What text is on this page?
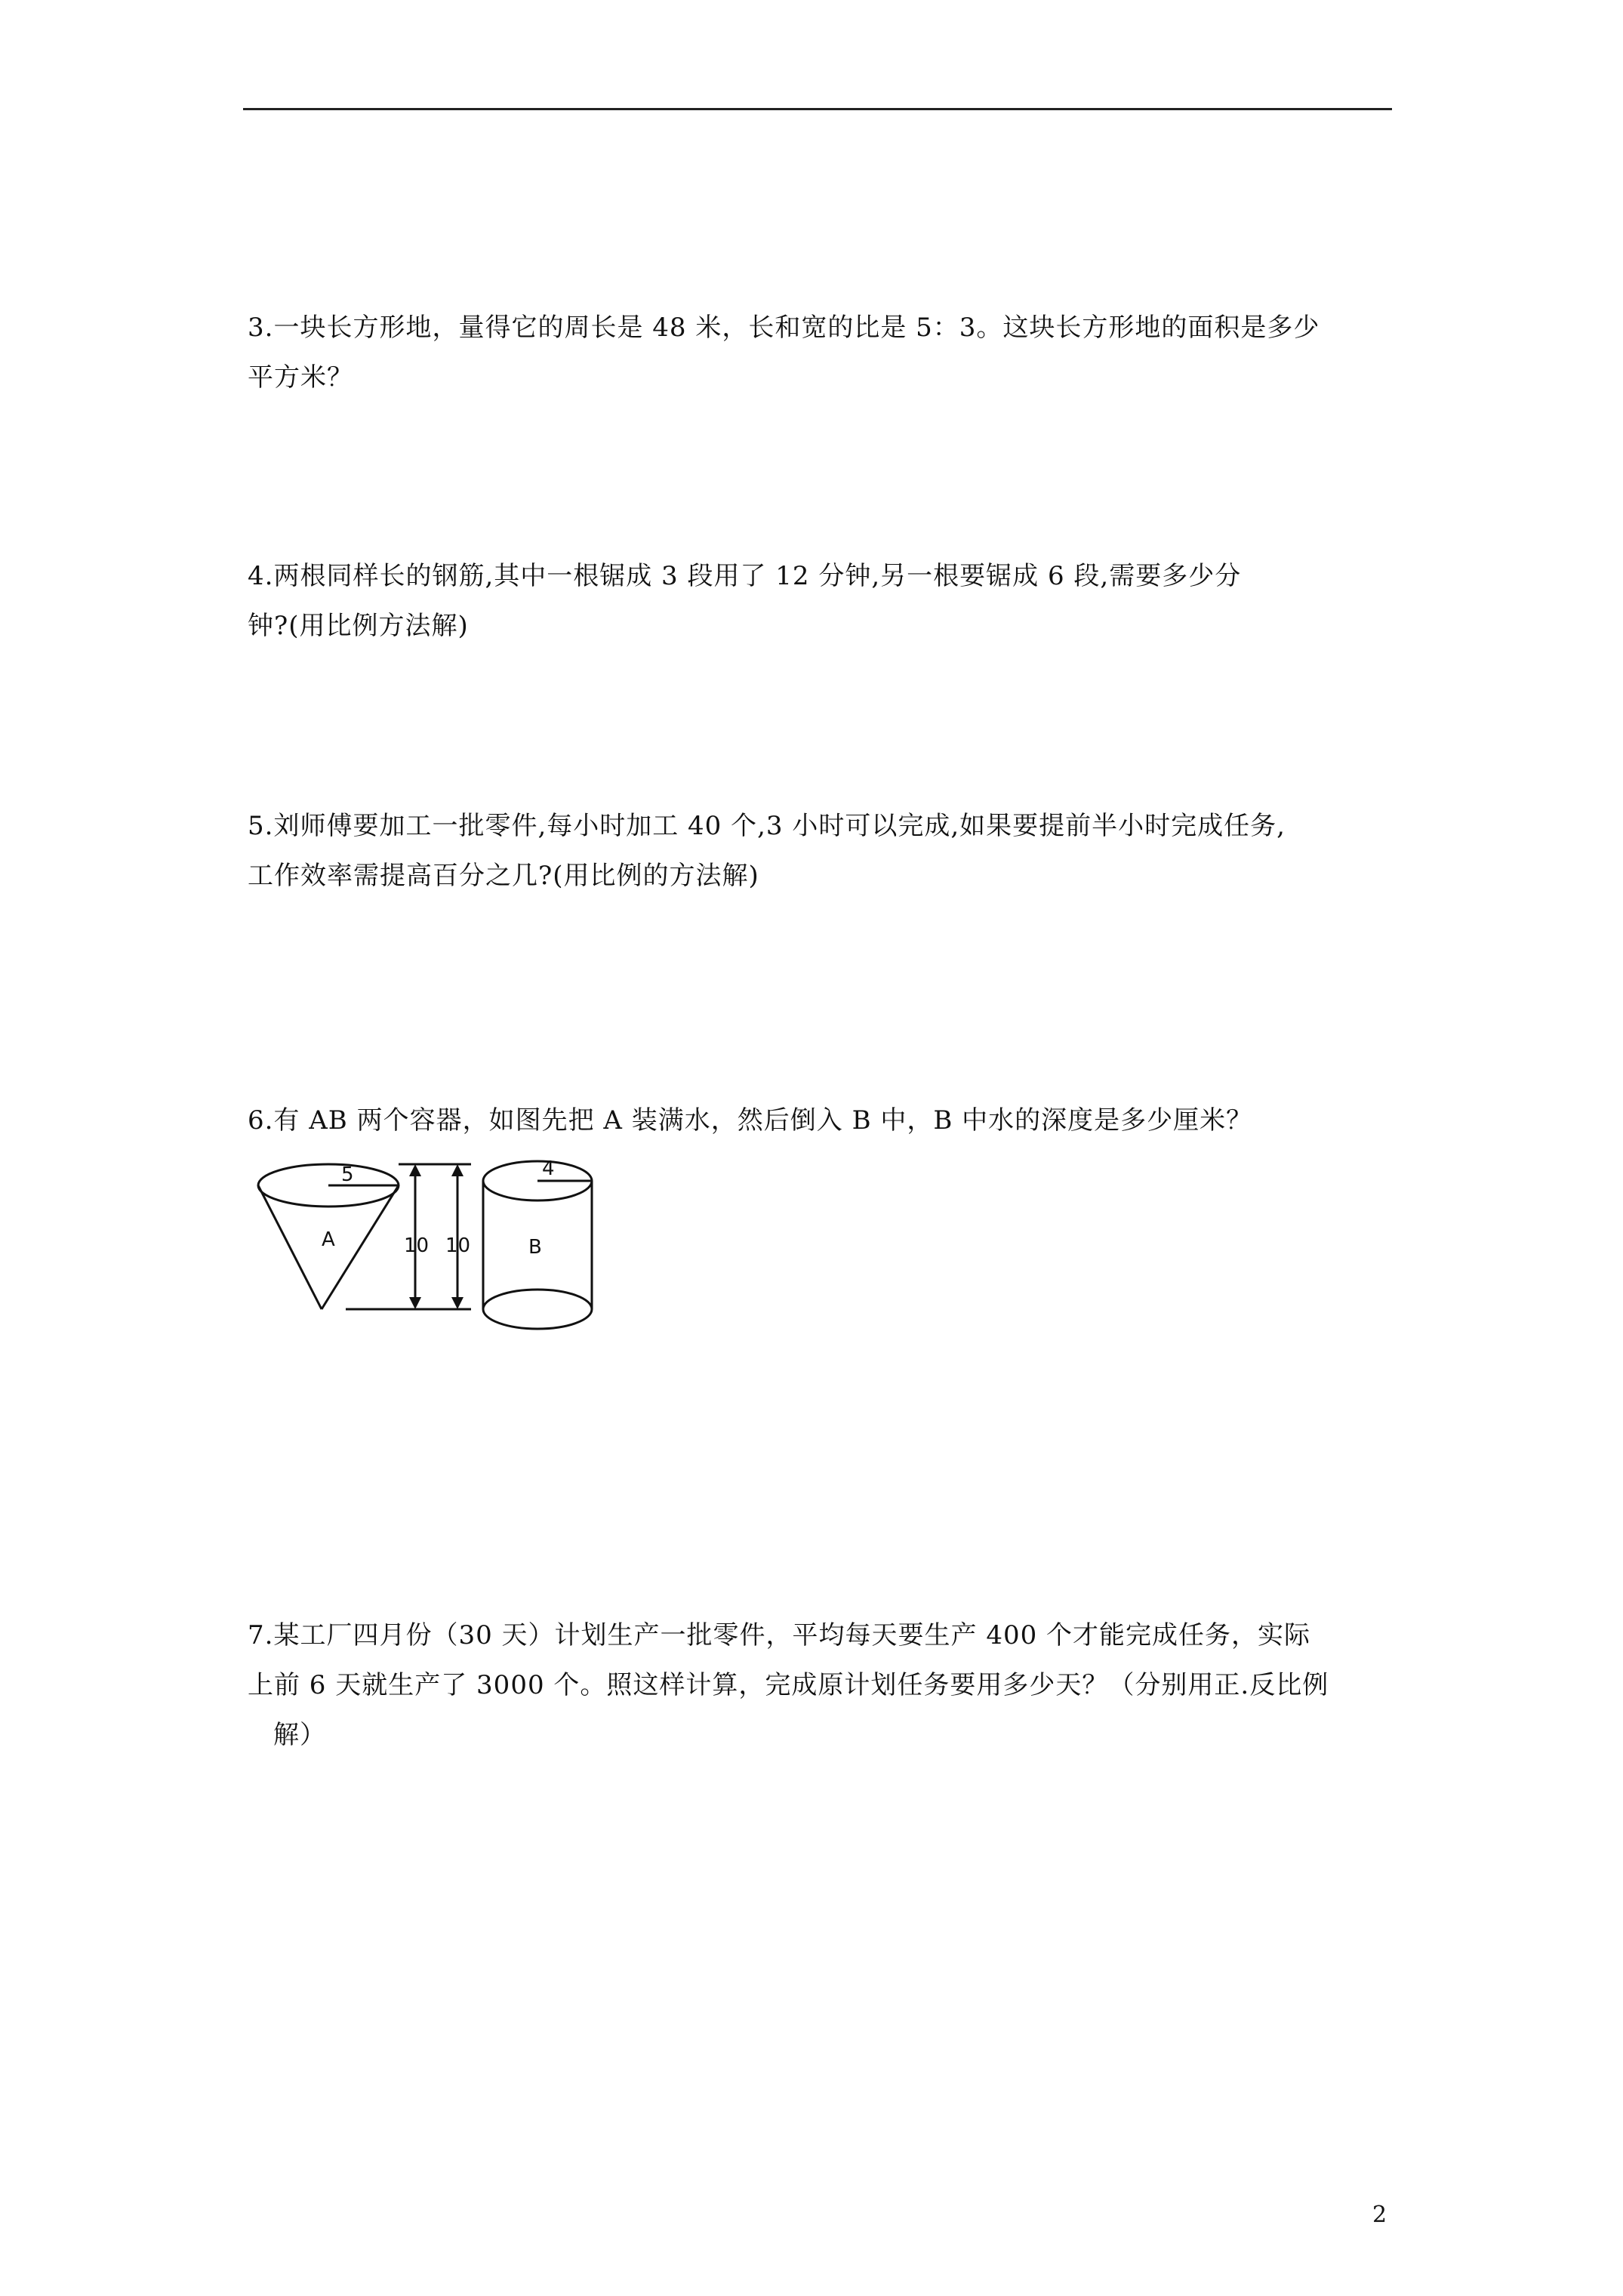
3.一块长方形地，量得它的周长是 48 米，长和宽的比是 5：3。这块长方形地的面积是多少
平方米？
4.两根同样长的钢筋,其中一根锯成 3 段用了 12 分钟,另一根要锯成 6 段,需要多少分
钟?(用比例方法解)
5.刘师傅要加工一批零件,每小时加工 40 个,3 小时可以完成,如果要提前半小时完成任务,
工作效率需提高百分之几?(用比例的方法解)
6.有 AB 两个容器，如图先把 A 装满水，然后倒入 B 中，B 中水的深度是多少厘米？
5
A	10 10
4
B
7.某工厂四月份（30 天）计划生产一批零件，平均每天要生产 400 个才能完成任务，实际
上前 6 天就生产了 3000 个。照这样计算，完成原计划任务要用多少天？（分别用正.反比例
解）
2
